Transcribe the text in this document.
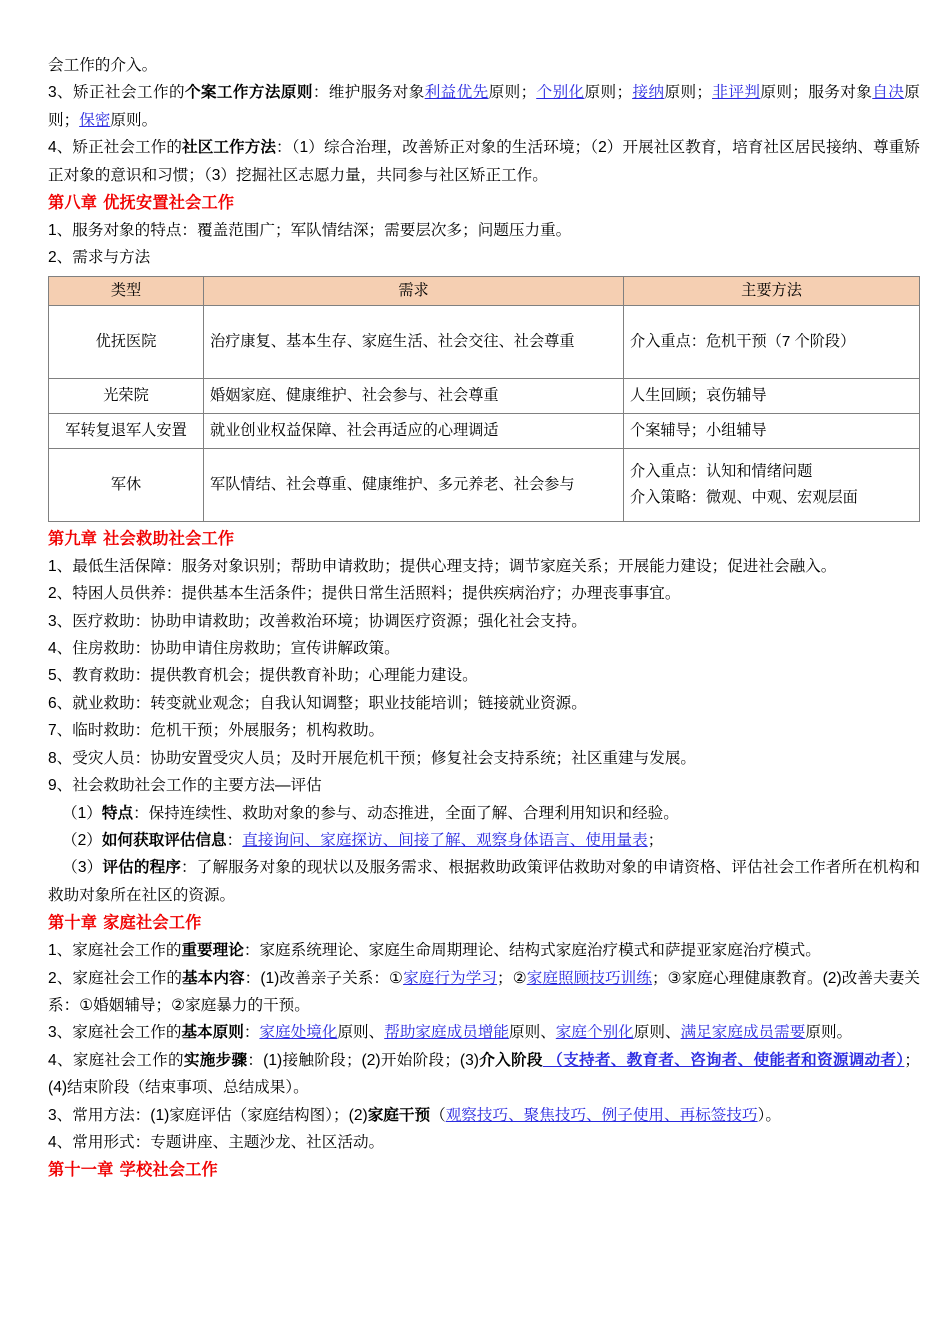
会工作的介入。

3、矫正社会工作的个案工作方法原则：维护服务对象利益优先原则；个别化原则；接纳原则；非评判原则；服务对象自决原则；保密原则。

4、矫正社会工作的社区工作方法：（1）综合治理，改善矫正对象的生活环境；（2）开展社区教育，培育社区居民接纳、尊重矫正对象的意识和习惯；（3）挖掘社区志愿力量，共同参与社区矫正工作。

第八章 优抚安置社会工作

1、服务对象的特点：覆盖范围广；军队情结深；需要层次多；问题压力重。

2、需求与方法

类型	需求	主要方法
优抚医院	治疗康复、基本生存、家庭生活、社会交往、社会尊重	介入重点：危机干预（7 个阶段）

光荣院	婚姻家庭、健康维护、社会参与、社会尊重	人生回顾；哀伤辅导

军转复退军人安置	就业创业权益保障、社会再适应的心理调适	个案辅导；小组辅导

军休	军队情结、社会尊重、健康维护、多元养老、社会参与	介入重点：认知和情绪问题
介入策略：微观、中观、宏观层面

第九章 社会救助社会工作

1、最低生活保障：服务对象识别；帮助申请救助；提供心理支持；调节家庭关系；开展能力建设；促进社会融入。

2、特困人员供养：提供基本生活条件；提供日常生活照料；提供疾病治疗；办理丧事事宜。

3、医疗救助：协助申请救助；改善救治环境；协调医疗资源；强化社会支持。

4、住房救助：协助申请住房救助；宣传讲解政策。

5、教育救助：提供教育机会；提供教育补助；心理能力建设。

6、就业救助：转变就业观念；自我认知调整；职业技能培训；链接就业资源。

7、临时救助：危机干预；外展服务；机构救助。

8、受灾人员：协助安置受灾人员；及时开展危机干预；修复社会支持系统；社区重建与发展。

9、社会救助社会工作的主要方法—评估

（1）特点：保持连续性、救助对象的参与、动态推进，全面了解、合理利用知识和经验。

（2）如何获取评估信息：直接询问、家庭探访、间接了解、观察身体语言、使用量表；

（3）评估的程序：了解服务对象的现状以及服务需求、根据救助政策评估救助对象的申请资格、评估社会工作者所在机构和救助对象所在社区的资源。

第十章 家庭社会工作

1、家庭社会工作的重要理论：家庭系统理论、家庭生命周期理论、结构式家庭治疗模式和萨提亚家庭治疗模式。

2、家庭社会工作的基本内容：(1)改善亲子关系：①家庭行为学习；②家庭照顾技巧训练；③家庭心理健康教育。(2)改善夫妻关系：①婚姻辅导；②家庭暴力的干预。

3、家庭社会工作的基本原则：家庭处境化原则、帮助家庭成员增能原则、家庭个别化原则、满足家庭成员需要原则。

4、家庭社会工作的实施步骤：(1)接触阶段；(2)开始阶段；(3)介入阶段 （支持者、教育者、咨询者、使能者和资源调动者）；(4)结束阶段（结束事项、总结成果）。

3、常用方法：(1)家庭评估（家庭结构图）；(2)家庭干预（观察技巧、聚焦技巧、例子使用、再标签技巧）。

4、常用形式：专题讲座、主题沙龙、社区活动。

第十一章 学校社会工作
